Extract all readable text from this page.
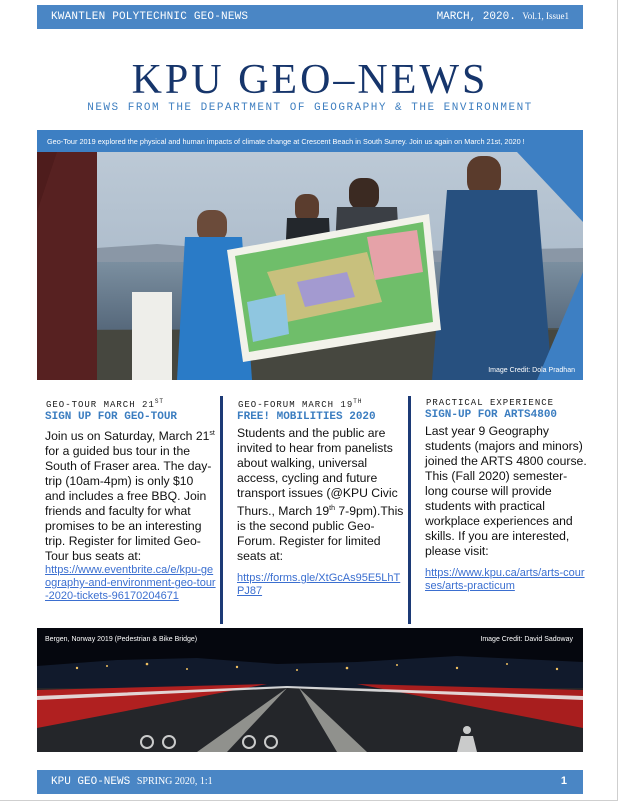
KWANTLEN POLYTECHNIC GEO-NEWS	MARCH, 2020. Vol.1, Issue1
KPU GEO–NEWS
NEWS FROM THE DEPARTMENT OF GEOGRAPHY & THE ENVIRONMENT
Geo-Tour 2019 explored the physical and human impacts of climate change at Crescent Beach in South Surrey. Join us again on March 21st, 2020 !
Image Credit: Dola Pradhan
GEO-TOUR MARCH 21ST
SIGN UP FOR GEO-TOUR
Join us on Saturday, March 21st for a guided bus tour in the South of Fraser area. The day-trip (10am-4pm) is only $10 and includes a free BBQ. Join friends and faculty for what promises to be an interesting trip. Register for limited Geo-Tour bus seats at:
https://www.eventbrite.ca/e/kpu-geography-and-environment-geo-tour-2020-tickets-96170204671
GEO-FORUM MARCH 19TH
FREE! MOBILITIES 2020
Students and the public are invited to hear from panelists about walking, universal access, cycling and future transport issues (@KPU Civic Thurs., March 19th 7-9pm).This is the second public Geo-Forum. Register for limited seats at:
https://forms.gle/XtGcAs95E5LhTPJ87
PRACTICAL EXPERIENCE
SIGN-UP FOR ARTS4800
Last year 9 Geography students (majors and minors) joined the ARTS 4800 course. This (Fall 2020) semester-long course will provide students with practical workplace experiences and skills. If you are interested, please visit:
https://www.kpu.ca/arts/arts-courses/arts-practicum
Bergen, Norway 2019 (Pedestrian & Bike Bridge)	Image Credit: David Sadoway
KPU GEO-NEWS SPRING 2020, 1:1	1
